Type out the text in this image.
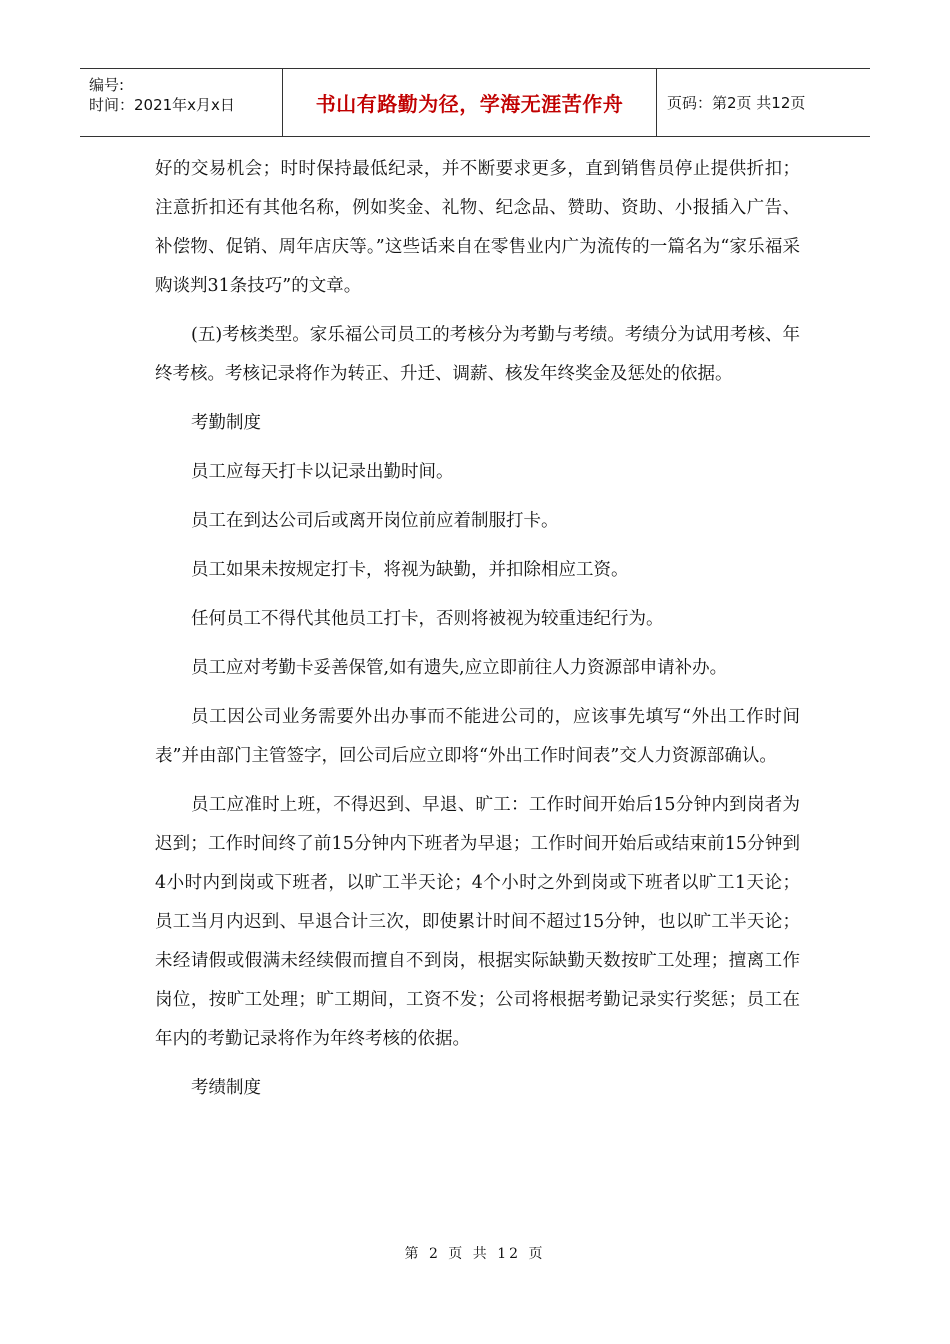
编号:
时间：2021年x月x日	书山有路勤为径，学海无涯苦作舟	页码：第2页 共12页

好的交易机会；时时保持最低纪录，并不断要求更多，直到销售员停止提供折扣；注意折扣还有其他名称，例如奖金、礼物、纪念品、赞助、资助、小报插入广告、补偿物、促销、周年店庆等。”这些话来自在零售业内广为流传的一篇名为“家乐福采购谈判31条技巧”的文章。

(五)考核类型。家乐福公司员工的考核分为考勤与考绩。考绩分为试用考核、年终考核。考核记录将作为转正、升迁、调薪、核发年终奖金及惩处的依据。

考勤制度

员工应每天打卡以记录出勤时间。

员工在到达公司后或离开岗位前应着制服打卡。

员工如果未按规定打卡，将视为缺勤，并扣除相应工资。

任何员工不得代其他员工打卡，否则将被视为较重违纪行为。

员工应对考勤卡妥善保管,如有遗失,应立即前往人力资源部申请补办。

员工因公司业务需要外出办事而不能进公司的，应该事先填写“外出工作时间表”并由部门主管签字，回公司后应立即将“外出工作时间表”交人力资源部确认。

员工应准时上班，不得迟到、早退、旷工：工作时间开始后15分钟内到岗者为迟到；工作时间终了前15分钟内下班者为早退；工作时间开始后或结束前15分钟到4小时内到岗或下班者，以旷工半天论；4个小时之外到岗或下班者以旷工1天论；员工当月内迟到、早退合计三次，即使累计时间不超过15分钟，也以旷工半天论；未经请假或假满未经续假而擅自不到岗，根据实际缺勤天数按旷工处理；擅离工作岗位，按旷工处理；旷工期间，工资不发；公司将根据考勤记录实行奖惩；员工在年内的考勤记录将作为年终考核的依据。

考绩制度

第 2 页 共 12 页
